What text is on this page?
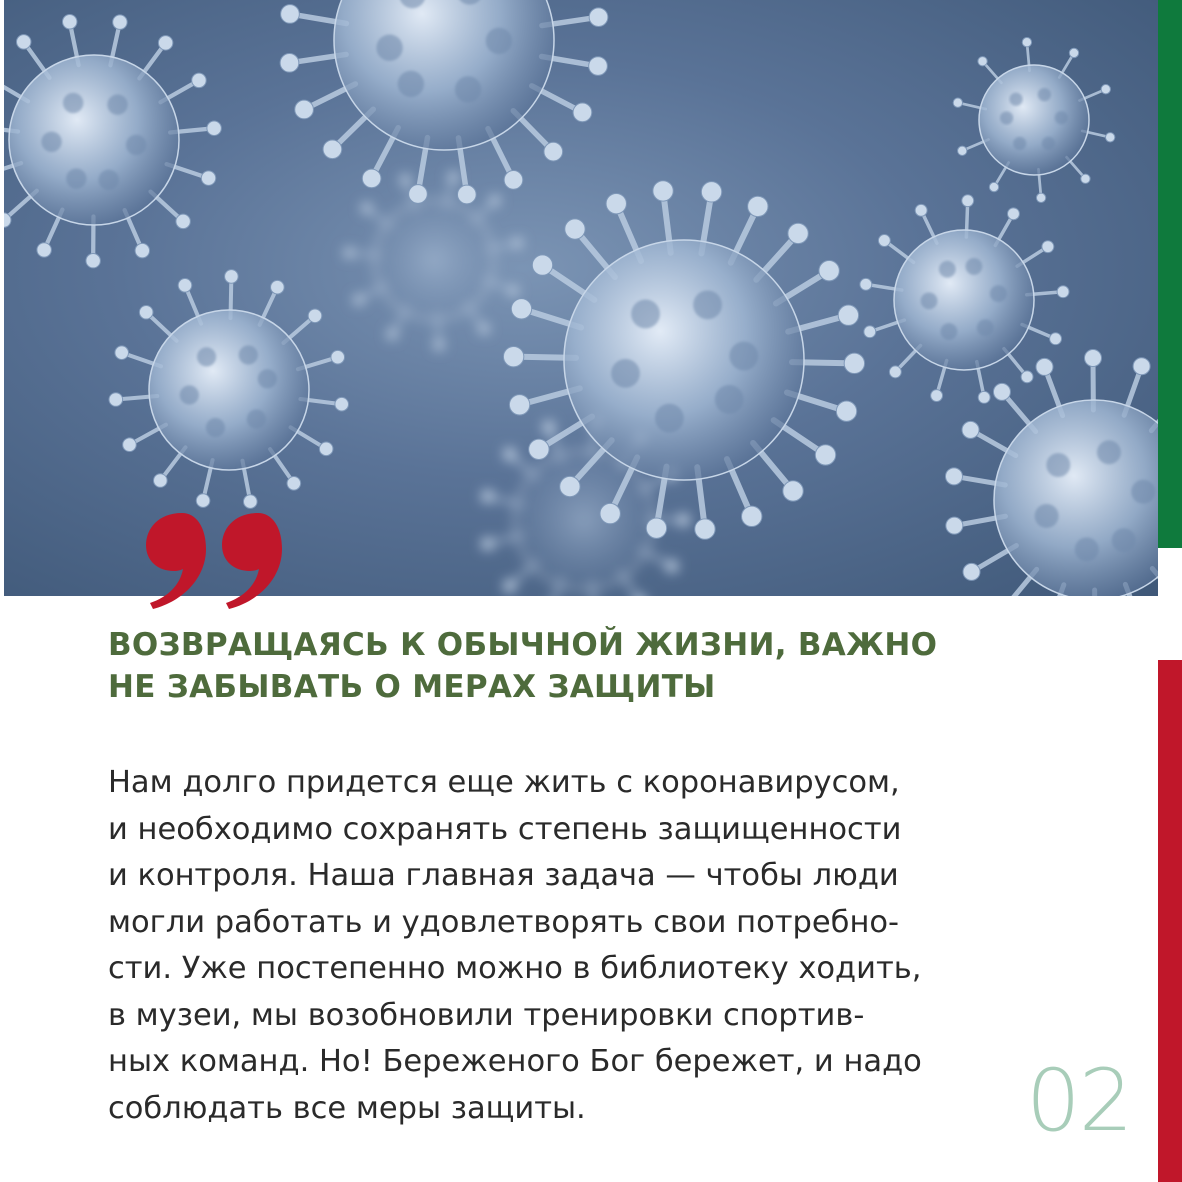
ВОЗВРАЩАЯСЬ К ОБЫЧНОЙ ЖИЗНИ, ВАЖНО
НЕ ЗАБЫВАТЬ О МЕРАХ ЗАЩИТЫ

Нам долго придется еще жить с коронавирусом,
и необходимо сохранять степень защищенности
и контроля. Наша главная задача — чтобы люди
могли работать и удовлетворять свои потребно-
сти. Уже постепенно можно в библиотеку ходить,
в музеи, мы возобновили тренировки спортив-
ных команд. Но! Береженого Бог бережет, и надо
соблюдать все меры защиты.	02
